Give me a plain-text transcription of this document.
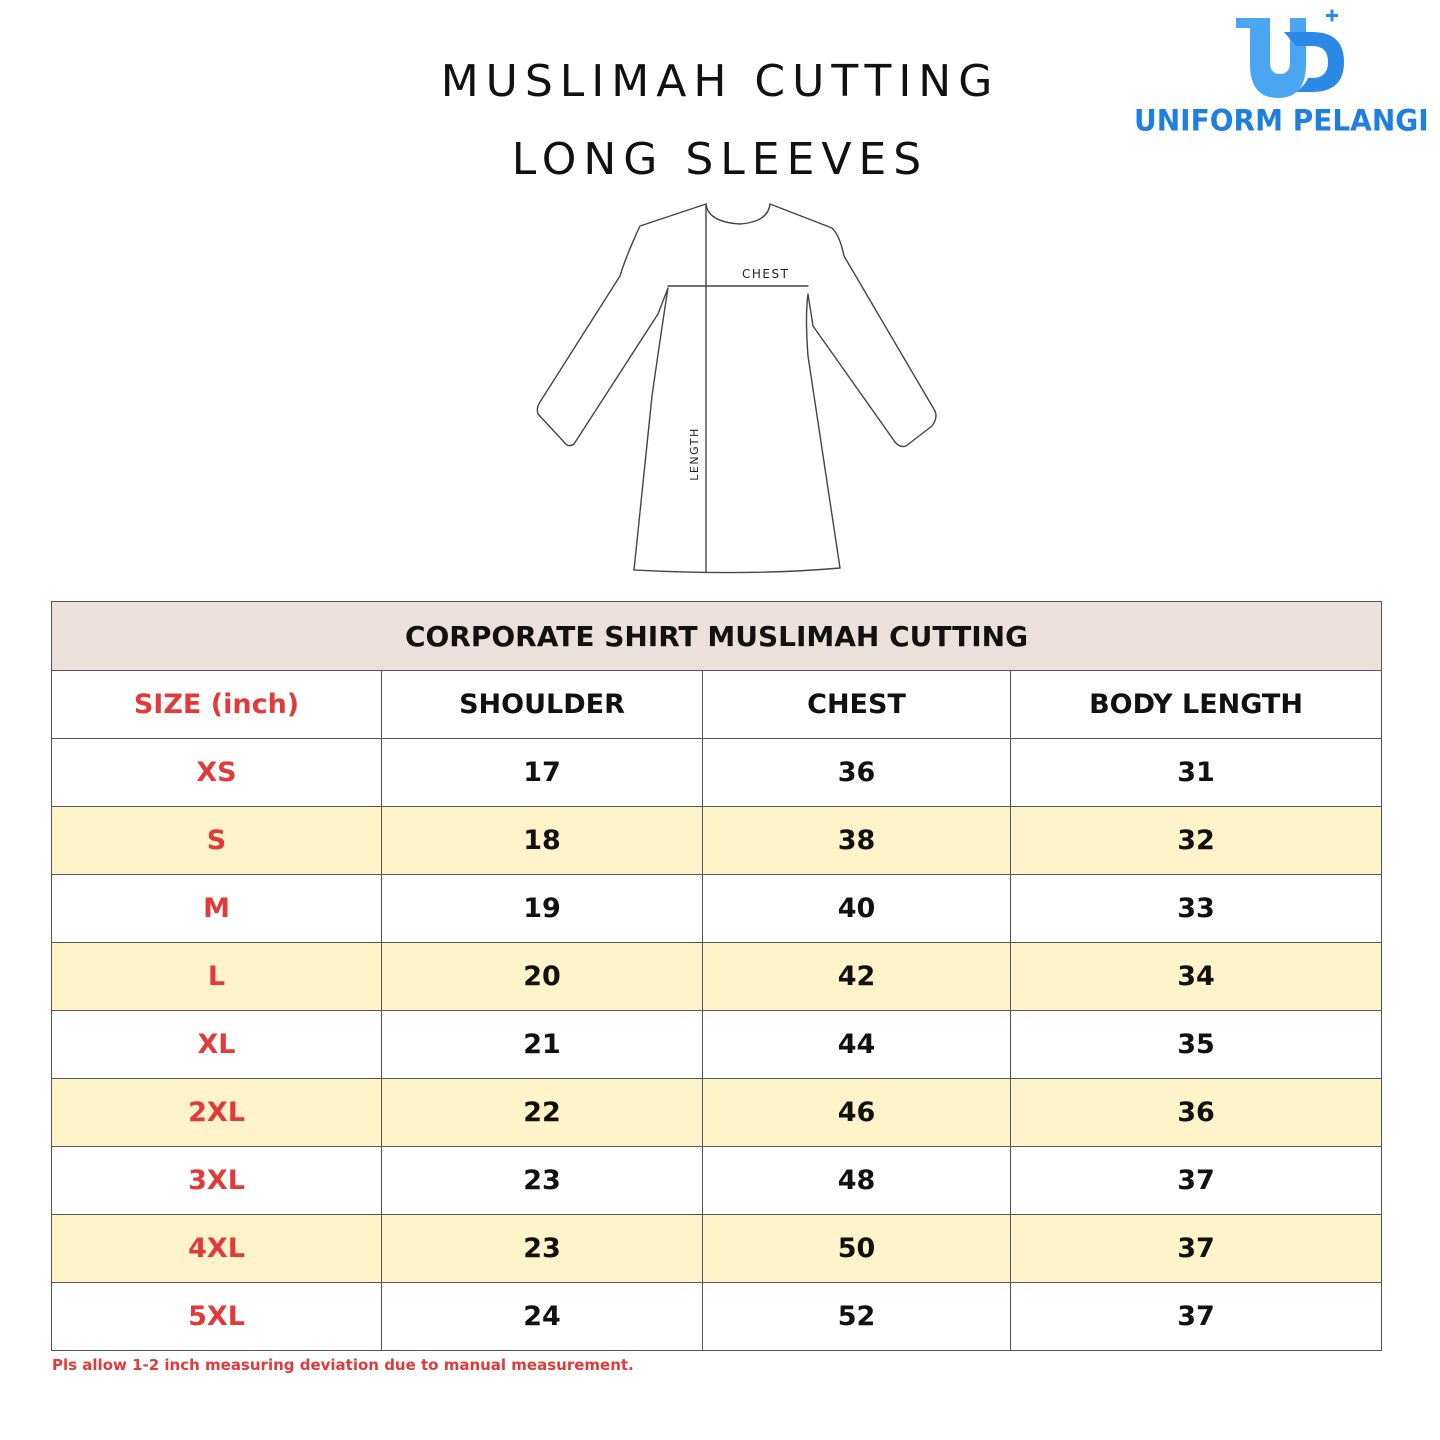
MUSLIMAH CUTTING
LONG SLEEVES
UNIFORM PELANGI
CHEST
LENGTH
CORPORATE SHIRT MUSLIMAH CUTTING			
SIZE (inch)	SHOULDER	CHEST	BODY LENGTH
XS	17	36	31
S	18	38	32
M	19	40	33
L	20	42	34
XL	21	44	35
2XL	22	46	36
3XL	23	48	37
4XL	23	50	37
5XL	24	52	37

Pls allow 1-2 inch measuring deviation due to manual measurement.
